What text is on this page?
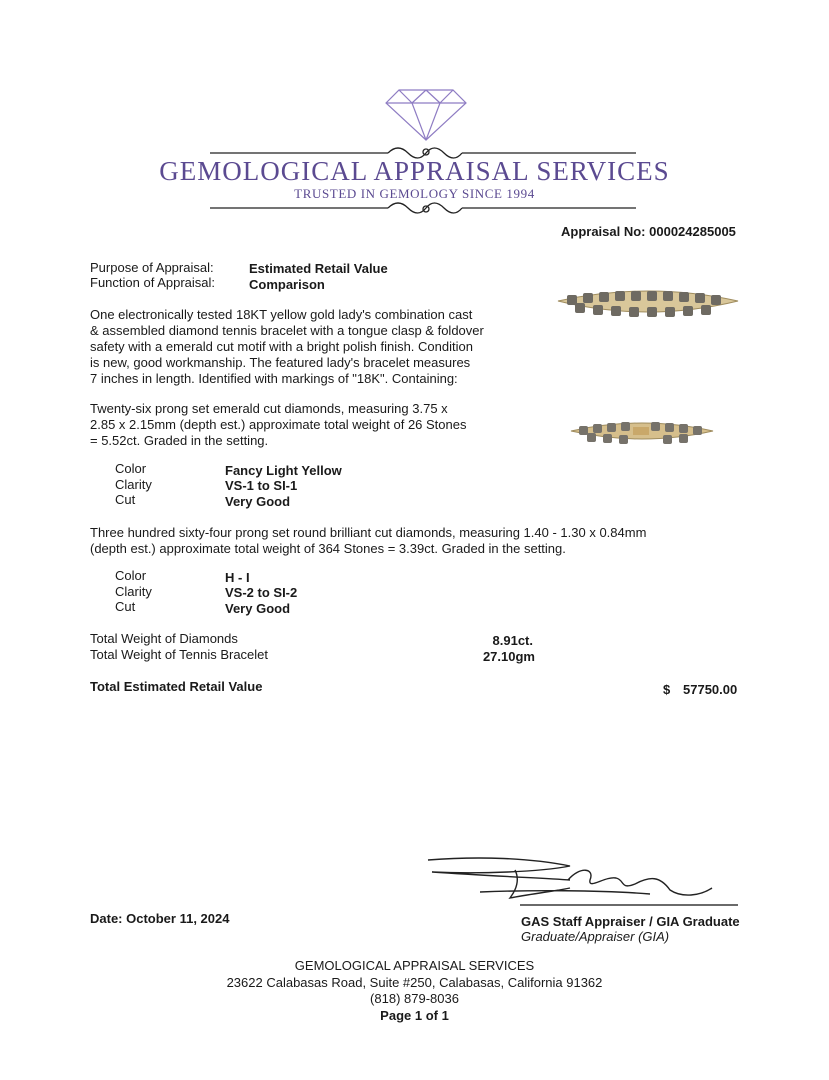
GEMOLOGICAL APPRAISAL SERVICES
TRUSTED IN GEMOLOGY SINCE 1994
Appraisal No: 000024285005
Purpose of Appraisal:	Estimated Retail Value
Function of Appraisal:	Comparison
One electronically tested 18KT yellow gold lady's combination cast
& assembled diamond tennis bracelet with a tongue clasp & foldover
safety with a emerald cut motif with a bright polish finish. Condition
is new, good workmanship. The featured lady's bracelet measures
7 inches in length. Identified with markings of "18K". Containing:
Twenty-six prong set emerald cut diamonds, measuring 3.75 x
2.85 x 2.15mm (depth est.) approximate total weight of 26 Stones
= 5.52ct. Graded in the setting.
Color	Fancy Light Yellow
Clarity	VS-1 to SI-1
Cut	Very Good
Three hundred sixty-four prong set round brilliant cut diamonds, measuring 1.40 - 1.30 x 0.84mm
(depth est.) approximate total weight of 364 Stones = 3.39ct. Graded in the setting.
Color	H - I
Clarity	VS-2 to SI-2
Cut	Very Good
Total Weight of Diamonds	8.91ct.
Total Weight of Tennis Bracelet	27.10gm
Total Estimated Retail Value	$ 57750.00
Date: October 11, 2024	GAS Staff Appraiser / GIA Graduate
Graduate/Appraiser (GIA)
GEMOLOGICAL APPRAISAL SERVICES
23622 Calabasas Road, Suite #250, Calabasas, California 91362
(818) 879-8036
Page 1 of 1
